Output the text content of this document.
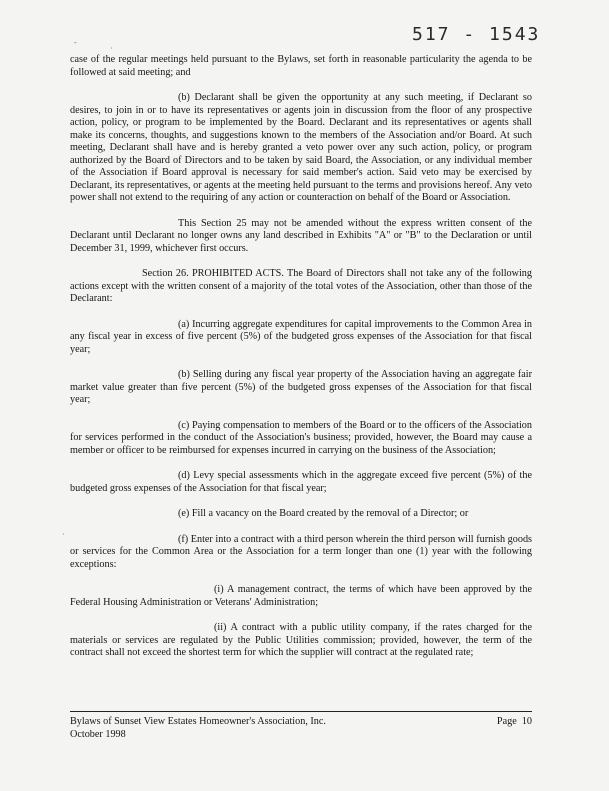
-
·
·
517 - 1543

case of the regular meetings held pursuant to the Bylaws, set forth in reasonable particularity the agenda to be followed at said meeting; and

(b) Declarant shall be given the opportunity at any such meeting, if Declarant so desires, to join in or to have its representatives or agents join in discussion from the floor of any prospective action, policy, or program to be implemented by the Board. Declarant and its representatives or agents shall make its concerns, thoughts, and suggestions known to the members of the Association and/or Board. At such meeting, Declarant shall have and is hereby granted a veto power over any such action, policy, or program authorized by the Board of Directors and to be taken by said Board, the Association, or any individual member of the Association if Board approval is necessary for said member's action. Said veto may be exercised by Declarant, its representatives, or agents at the meeting held pursuant to the terms and provisions hereof. Any veto power shall not extend to the requiring of any action or counteraction on behalf of the Board or Association.

This Section 25 may not be amended without the express written consent of the Declarant until Declarant no longer owns any land described in Exhibits "A" or "B" to the Declaration or until December 31, 1999, whichever first occurs.

Section 26. PROHIBITED ACTS. The Board of Directors shall not take any of the following actions except with the written consent of a majority of the total votes of the Association, other than those of the Declarant:

(a) Incurring aggregate expenditures for capital improvements to the Common Area in any fiscal year in excess of five percent (5%) of the budgeted gross expenses of the Association for that fiscal year;

(b) Selling during any fiscal year property of the Association having an aggregate fair market value greater than five percent (5%) of the budgeted gross expenses of the Association for that fiscal year;

(c) Paying compensation to members of the Board or to the officers of the Association for services performed in the conduct of the Association's business; provided, however, the Board may cause a member or officer to be reimbursed for expenses incurred in carrying on the business of the Association;

(d) Levy special assessments which in the aggregate exceed five percent (5%) of the budgeted gross expenses of the Association for that fiscal year;

(e) Fill a vacancy on the Board created by the removal of a Director; or

(f) Enter into a contract with a third person wherein the third person will furnish goods or services for the Common Area or the Association for a term longer than one (1) year with the following exceptions:

(i) A management contract, the terms of which have been approved by the Federal Housing Administration or Veterans' Administration;

(ii) A contract with a public utility company, if the rates charged for the materials or services are regulated by the Public Utilities commission; provided, however, the term of the contract shall not exceed the shortest term for which the supplier will contract at the regulated rate;

Bylaws of Sunset View Estates Homeowner's Association, Inc.	Page 10
October 1998
